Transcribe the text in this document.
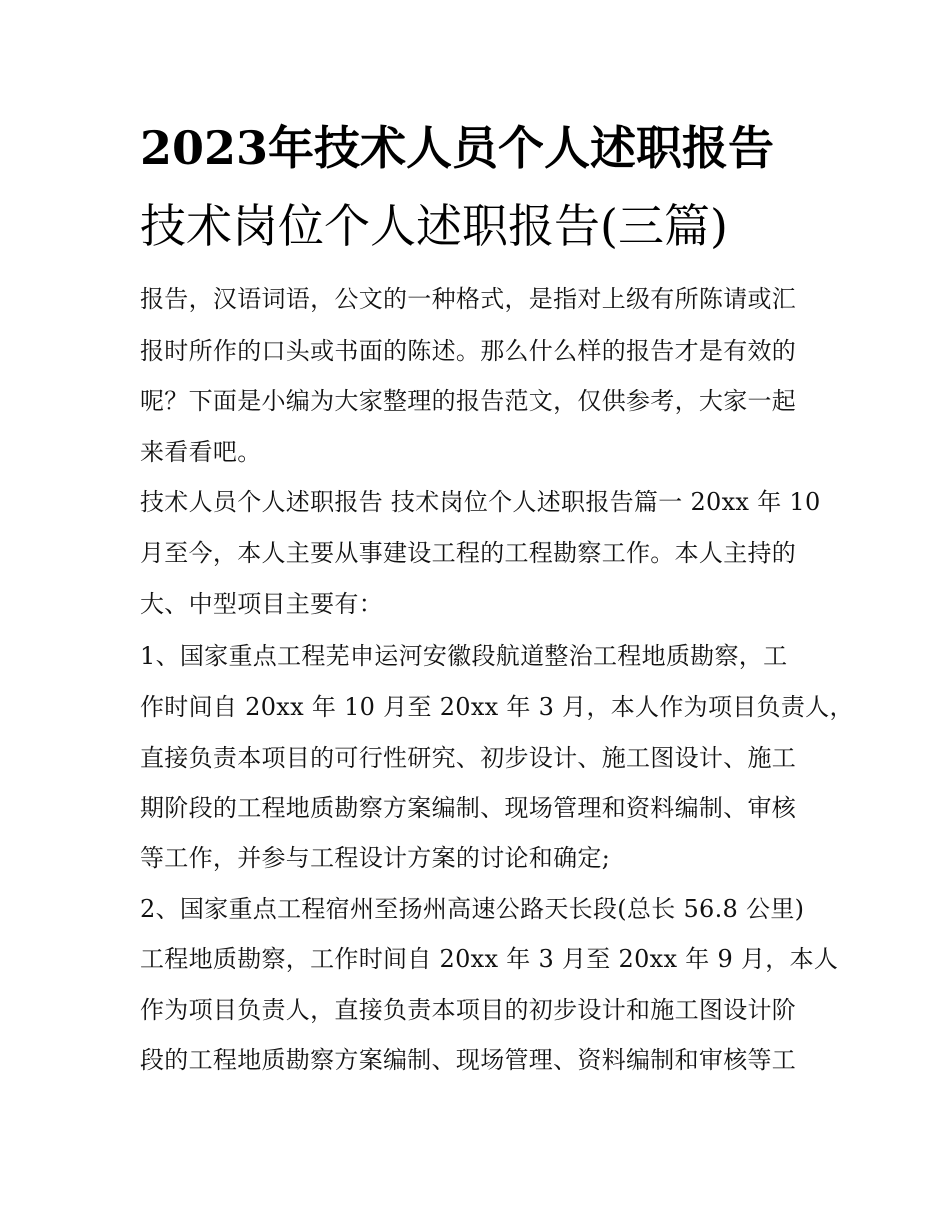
2023年技术人员个人述职报告
技术岗位个人述职报告(三篇)
报告，汉语词语，公文的一种格式，是指对上级有所陈请或汇
报时所作的口头或书面的陈述。那么什么样的报告才是有效的
呢？下面是小编为大家整理的报告范文，仅供参考，大家一起
来看看吧。
技术人员个人述职报告 技术岗位个人述职报告篇一 20xx 年 10
月至今，本人主要从事建设工程的工程勘察工作。本人主持的
大、中型项目主要有：
1、国家重点工程芜申运河安徽段航道整治工程地质勘察，工
作时间自 20xx 年 10 月至 20xx 年 3 月，本人作为项目负责人，
直接负责本项目的可行性研究、初步设计、施工图设计、施工
期阶段的工程地质勘察方案编制、现场管理和资料编制、审核
等工作，并参与工程设计方案的讨论和确定;
2、国家重点工程宿州至扬州高速公路天长段(总长 56.8 公里)
工程地质勘察，工作时间自 20xx 年 3 月至 20xx 年 9 月，本人
作为项目负责人，直接负责本项目的初步设计和施工图设计阶
段的工程地质勘察方案编制、现场管理、资料编制和审核等工
